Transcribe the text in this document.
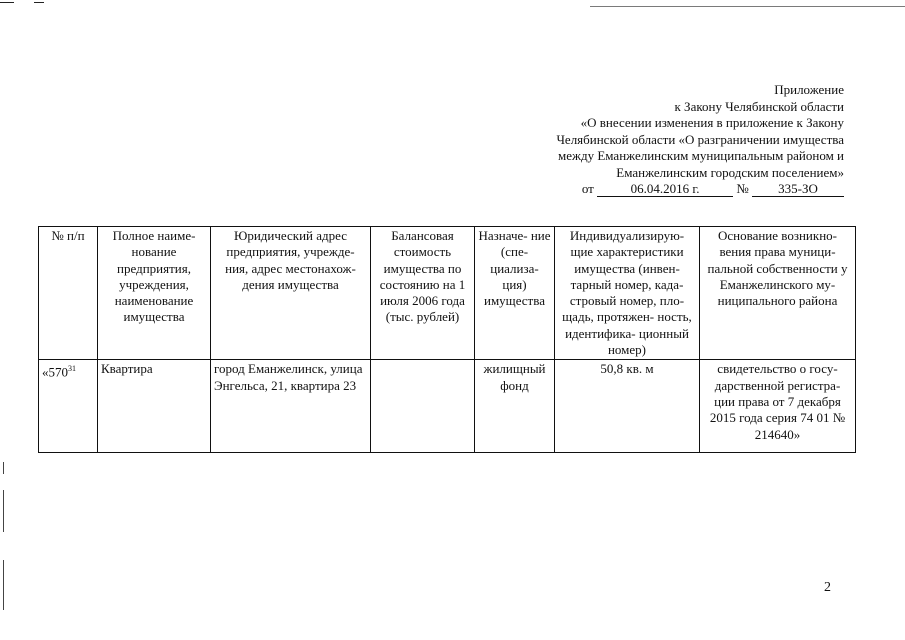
Приложение
к Закону Челябинской области
«О внесении изменения в приложение к Закону
Челябинской области «О разграничении имущества
между Еманжелинским муниципальным районом и
Еманжелинским городским поселением»
от	06.04.2016 г.	№ 335-ЗО
№ п/п	Полное наиме- нование предприятия, учреждения, наименование имущества	Юридический адрес предприятия, учрежде- ния, адрес местонахож- дения имущества	Балансовая стоимость имущества по состоянию на 1 июля 2006 года (тыс. рублей)	Назначе- ние (спе- циализа- ция) имущества	Индивидуализирую- щие характеристики имущества (инвен- тарный номер, када- стровый номер, пло- щадь, протяжен- ность, идентифика- ционный номер)	Основание возникно- вения права муници- пальной собственности у Еманжелинского му- ниципального района
«$570^{31}$	Квартира	город Еманжелинск, улица Энгельса, 21, квартира 23		жилищный фонд	50,8 кв. м	свидетельство о госу- дарственной регистра- ции права от 7 декабря 2015 года серия 74 01 № 214640»
2
